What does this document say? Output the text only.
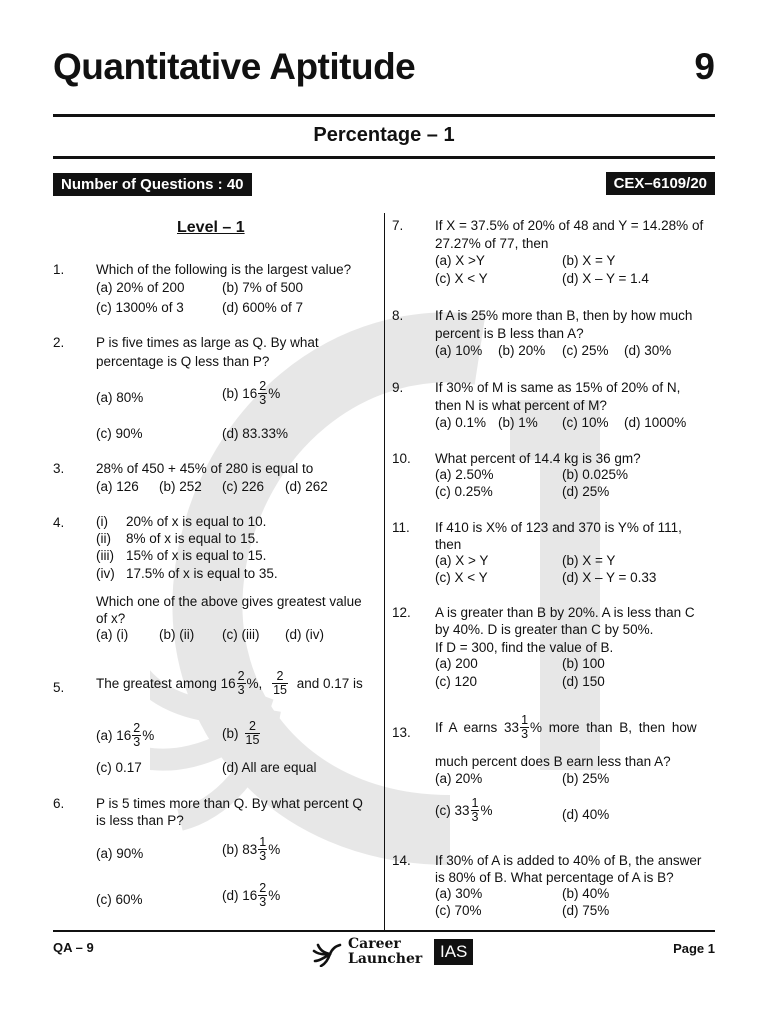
Quantitative Aptitude	9
Percentage – 1
Number of Questions : 40	CEX–6109/20
Level – 1
1. Which of the following is the largest value?
(a) 20% of 200	(b) 7% of 500
(c) 1300% of 3	(d) 600% of 7
2. P is five times as large as Q. By what
percentage is Q less than P?
(a) 80%	(b) $16 \frac{2}{3}$ %
(c) 90%	(d) 83.33%
3. 28% of 450 + 45% of 280 is equal to
(a) 126 (b) 252 (c) 226 (d) 262
4. (i) 20% of x is equal to 10.
(ii) 8% of x is equal to 15.
(iii) 15% of x is equal to 15.
(iv) 17.5% of x is equal to 35.
Which one of the above gives greatest value
of x?
(a) (i) (b) (ii) (c) (iii) (d) (iv)
5. The greatest among $16 \frac{2}{3}$ %, $\frac{2}{15}$ and 0.17 is
(a) $16 \frac{2}{3}$ %	$(b) \frac{2}{15}$
(c) 0.17	(d) All are equal
6. P is 5 times more than Q. By what percent Q
is less than P?
(a) 90%	(b) $83 \frac{1}{3}$ %
(c) 60%	(d) $16 \frac{2}{3}$ %
7. If X = 37.5% of 20% of 48 and Y = 14.28% of
27.27% of 77, then
(a) X >Y	(b) X = Y
(c) X < Y	(d) X – Y = 1.4
8. If A is 25% more than B, then by how much
percent is B less than A?
(a) 10% (b) 20% (c) 25% (d) 30%
9. If 30% of M is same as 15% of 20% of N,
then N is what percent of M?
(a) 0.1% (b) 1% (c) 10% (d) 1000%
10. What percent of 14.4 kg is 36 gm?
(a) 2.50%	(b) 0.025%
(c) 0.25%	(d) 25%
11. If 410 is X% of 123 and 370 is Y% of 111,
then
(a) X > Y	(b) X = Y
(c) X < Y	(d) X – Y = 0.33
12. A is greater than B by 20%. A is less than C
by 40%. D is greater than C by 50%.
If D = 300, find the value of B.
(a) 200	(b) 100
(c) 120	(d) 150
13. If A earns $33 \frac{1}{3}$ % more than B, then how
much percent does B earn less than A?
(a) 20%	(b) 25%
(c) $33 \frac{1}{3}$ %	(d) 40%
14. If 30% of A is added to 40% of B, the answer
is 80% of B. What percentage of A is B?
(a) 30%	(b) 40%
(c) 70%	(d) 75%
QA – 9	Career
Launcher	IAS	Page 1
